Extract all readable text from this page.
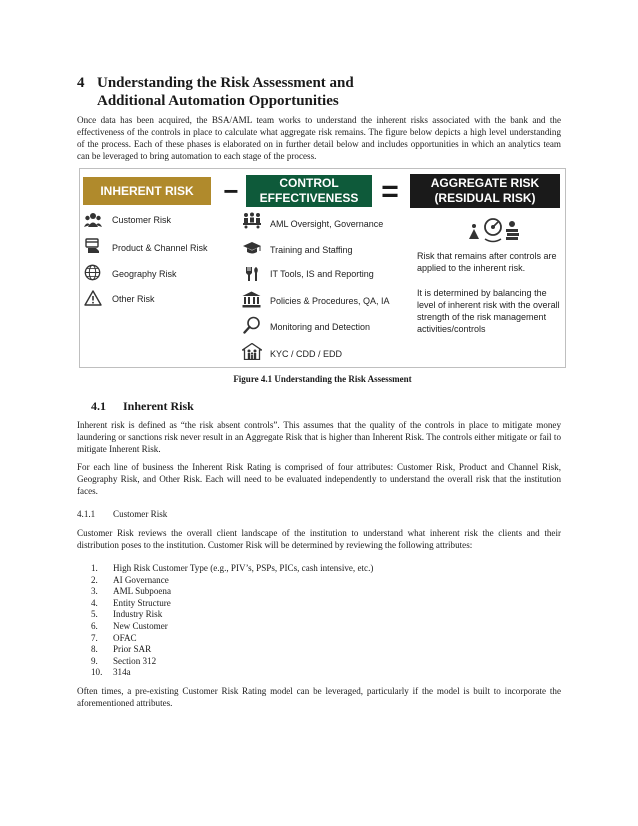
4 Understanding the Risk Assessment and
Additional Automation Opportunities
Once data has been acquired, the BSA/AML team works to understand the inherent risks associated with the bank and the effectiveness of the controls in place to calculate what aggregate risk remains. The figure below depicts a high level understanding of the process. Each of these phases is elaborated on in further detail below and includes opportunities in which an analytics team can be leveraged to bring automation to each stage of the process.
INHERENT RISK −	CONTROL
EFFECTIVENESS =	AGGREGATE RISK
(RESIDUAL RISK)
Customer Risk
Product & Channel Risk
Geography Risk
Other Risk
AML Oversight, Governance
Training and Staffing
IT Tools, IS and Reporting
Policies & Procedures, QA, IA
Monitoring and Detection
KYC / CDD / EDD
Risk that remains after controls are applied to the inherent risk.
It is determined by balancing the level of inherent risk with the overall strength of the risk management activities/controls
Figure 4.1 Understanding the Risk Assessment
4.1 Inherent Risk
Inherent risk is defined as “the risk absent controls”. This assumes that the quality of the controls in place to mitigate money laundering or sanctions risk never result in an Aggregate Risk that is higher than Inherent Risk. The controls either mitigate or fail to mitigate Inherent Risk.
For each line of business the Inherent Risk Rating is comprised of four attributes: Customer Risk, Product and Channel Risk, Geography Risk, and Other Risk. Each will need to be evaluated independently to understand the overall risk that the institution faces.
4.1.1 Customer Risk
Customer Risk reviews the overall client landscape of the institution to understand what inherent risk the clients and their distribution poses to the institution. Customer Risk will be determined by reviewing the following attributes:
1. High Risk Customer Type (e.g., PIV’s, PSPs, PICs, cash intensive, etc.)
2. AI Governance
3. AML Subpoena
4. Entity Structure
5. Industry Risk
6. New Customer
7. OFAC
8. Prior SAR
9. Section 312
10. 314a
Often times, a pre-existing Customer Risk Rating model can be leveraged, particularly if the model is built to incorporate the aforementioned attributes.
